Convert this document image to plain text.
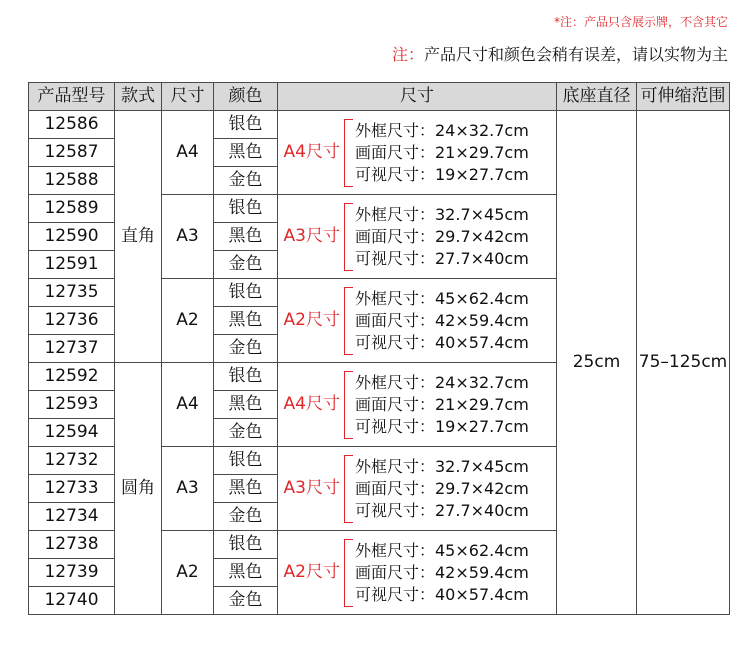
*注：产品只含展示牌，不含其它
注：产品尺寸和颜色会稍有误差，请以实物为主
产品型号	款式	尺寸	颜色	尺寸	底座直径	可伸缩范围
12586	直角	A4	银色	A4尺寸
外框尺寸：24×32.7cm
画面尺寸：21×29.7cm
可视尺寸：19×27.7cm	25cm	75–125cm
12587			黑色			
12588			金色			
12589		A3	银色	A3尺寸
外框尺寸：32.7×45cm
画面尺寸：29.7×42cm
可视尺寸：27.7×40cm		

12590			黑色			
12591			金色			
12735		A2	银色	A2尺寸
外框尺寸：45×62.4cm
画面尺寸：42×59.4cm
可视尺寸：40×57.4cm		

12736			黑色			
12737			金色			
12592	圆角	A4	银色	A4尺寸
外框尺寸：24×32.7cm
画面尺寸：21×29.7cm
可视尺寸：19×27.7cm		

12593			黑色			
12594			金色			
12732		A3	银色	A3尺寸
外框尺寸：32.7×45cm
画面尺寸：29.7×42cm
可视尺寸：27.7×40cm		

12733			黑色			
12734			金色			
12738		A2	银色	A2尺寸
外框尺寸：45×62.4cm
画面尺寸：42×59.4cm
可视尺寸：40×57.4cm		

12739			黑色			
12740			金色			
